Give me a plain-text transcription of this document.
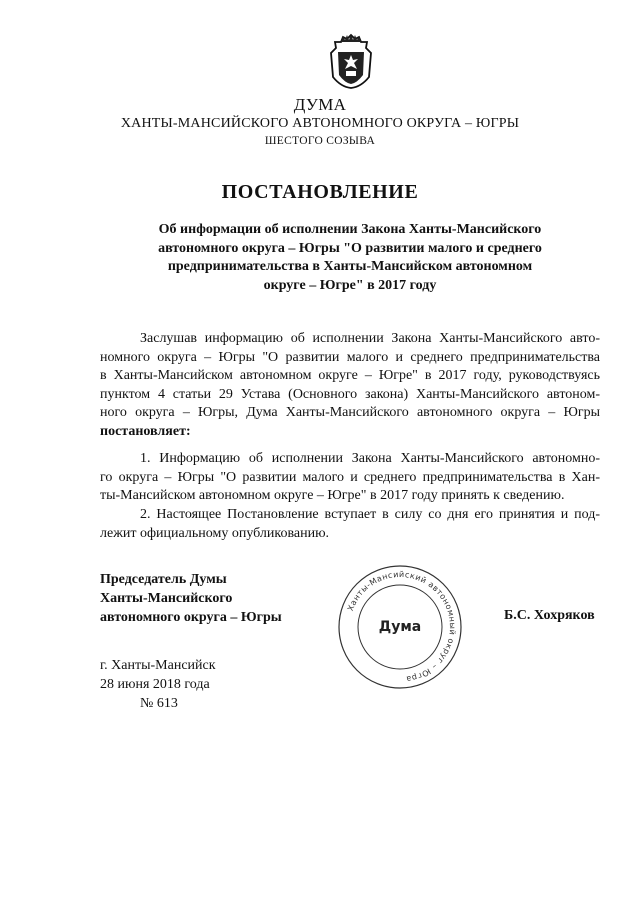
ДУМА
ХАНТЫ-МАНСИЙСКОГО АВТОНОМНОГО ОКРУГА – ЮГРЫ
ШЕСТОГО СОЗЫВА
ПОСТАНОВЛЕНИЕ
Об информации об исполнении Закона Ханты-Мансийского
автономного округа – Югры "О развитии малого и среднего
предпринимательства в Ханты-Мансийском автономном
округе – Югре" в 2017 году
Заслушав информацию об исполнении Закона Ханты-Мансийского авто-
номного округа – Югры "О развитии малого и среднего предпринимательства
в Ханты-Мансийском автономном округе – Югре" в 2017 году, руководствуясь
пунктом 4 статьи 29 Устава (Основного закона) Ханты-Мансийского автоном-
ного округа – Югры, Дума Ханты-Мансийского автономного округа – Югры
постановляет:
1. Информацию об исполнении Закона Ханты-Мансийского автономно-
го округа – Югры "О развитии малого и среднего предпринимательства в Хан-
ты-Мансийском автономном округе – Югре" в 2017 году принять к сведению.
2. Настоящее Постановление вступает в силу со дня его принятия и под-
лежит официальному опубликованию.
Председатель Думы
Ханты-Мансийского
автономного округа – Югры
Ханты-Мансийский автономный округ – Югра
Дума
Б.С. Хохряков
г. Ханты-Мансийск
28 июня 2018 года
№ 613
